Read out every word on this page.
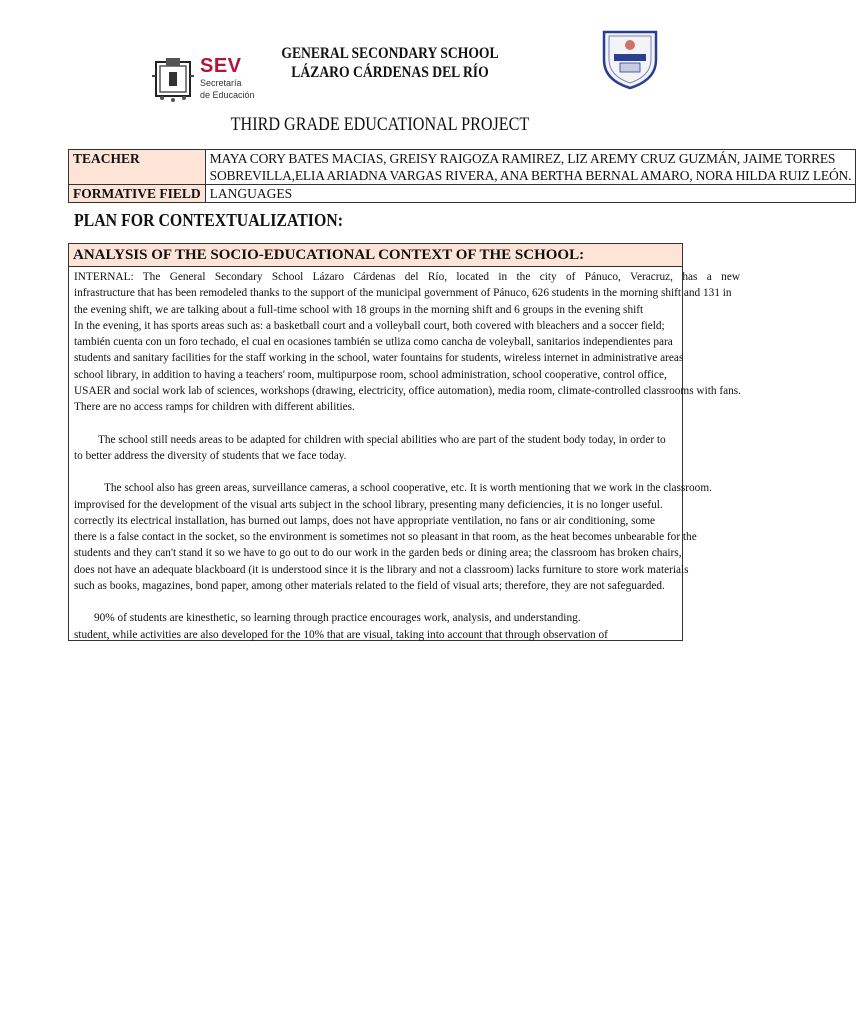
SEV
Secretaría
de Educación
GENERAL SECONDARY SCHOOL
LÁZARO CÁRDENAS DEL RÍO
THIRD GRADE EDUCATIONAL PROJECT
TEACHER	MAYA CORY BATES MACIAS, GREISY RAIGOZA RAMIREZ, LIZ AREMY CRUZ GUZMÁN, JAIME TORRES
SOBREVILLA,ELIA ARIADNA VARGAS RIVERA, ANA BERTHA BERNAL AMARO, NORA HILDA RUIZ LEÓN.

FORMATIVE FIELD	LANGUAGES
PLAN FOR CONTEXTUALIZATION:
ANALYSIS OF THE SOCIO-EDUCATIONAL CONTEXT OF THE SCHOOL:
INTERNAL: The General Secondary School Lázaro Cárdenas del Río, located in the city of Pánuco, Veracruz, has a new
infrastructure that has been remodeled thanks to the support of the municipal government of Pánuco, 626 students in the morning shift and 131 in
the evening shift, we are talking about a full-time school with 18 groups in the morning shift and 6 groups in the evening shift
In the evening, it has sports areas such as: a basketball court and a volleyball court, both covered with bleachers and a soccer field;
también cuenta con un foro techado, el cual en ocasiones también se utliza como cancha de voleyball, sanitarios independientes para
students and sanitary facilities for the staff working in the school, water fountains for students, wireless internet in administrative areas
school library, in addition to having a teachers' room, multipurpose room, school administration, school cooperative, control office,
USAER and social work lab of sciences, workshops (drawing, electricity, office automation), media room, climate-controlled classrooms with fans.
There are no access ramps for children with different abilities.
The school still needs areas to be adapted for children with special abilities who are part of the student body today, in order to
to better address the diversity of students that we face today.
The school also has green areas, surveillance cameras, a school cooperative, etc. It is worth mentioning that we work in the classroom.
improvised for the development of the visual arts subject in the school library, presenting many deficiencies, it is no longer useful.
correctly its electrical installation, has burned out lamps, does not have appropriate ventilation, no fans or air conditioning, some
there is a false contact in the socket, so the environment is sometimes not so pleasant in that room, as the heat becomes unbearable for the
students and they can't stand it so we have to go out to do our work in the garden beds or dining area; the classroom has broken chairs,
does not have an adequate blackboard (it is understood since it is the library and not a classroom) lacks furniture to store work materials
such as books, magazines, bond paper, among other materials related to the field of visual arts; therefore, they are not safeguarded.
90% of students are kinesthetic, so learning through practice encourages work, analysis, and understanding.
student, while activities are also developed for the 10% that are visual, taking into account that through observation of
